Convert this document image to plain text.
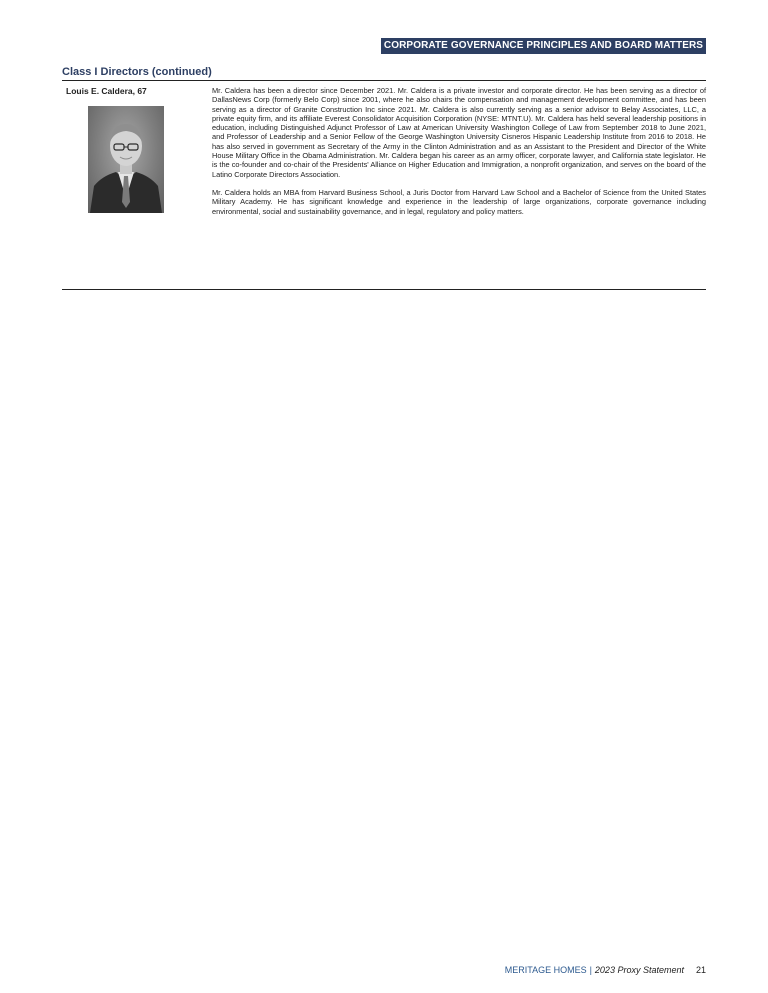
CORPORATE GOVERNANCE PRINCIPLES AND BOARD MATTERS
Class I Directors (continued)
Louis E. Caldera, 67	Mr. Caldera has been a director since December 2021. Mr. Caldera is a private investor and corporate director. He has been serving as a director of DallasNews Corp (formerly Belo Corp) since 2001, where he also chairs the compensation and management development committee, and has been serving as a director of Granite Construction Inc since 2021. Mr. Caldera is also currently serving as a senior advisor to Belay Associates, LLC, a private equity firm, and its affiliate Everest Consolidator Acquisition Corporation (NYSE: MTNT.U). Mr. Caldera has held several leadership positions in education, including Distinguished Adjunct Professor of Law at American University Washington College of Law from September 2018 to June 2021, and Professor of Leadership and a Senior Fellow of the George Washington University Cisneros Hispanic Leadership Institute from 2016 to 2018. He has also served in government as Secretary of the Army in the Clinton Administration and as an Assistant to the President and Director of the White House Military Office in the Obama Administration. Mr. Caldera began his career as an army officer, corporate lawyer, and California state legislator. He is the co-founder and co-chair of the Presidents' Alliance on Higher Education and Immigration, a nonprofit organization, and serves on the board of the Latino Corporate Directors Association.

Mr. Caldera holds an MBA from Harvard Business School, a Juris Doctor from Harvard Law School and a Bachelor of Science from the United States Military Academy. He has significant knowledge and experience in the leadership of large organizations, corporate governance including environmental, social and sustainability governance, and in legal, regulatory and policy matters.

MERITAGE HOMES | 2023 Proxy Statement 21
